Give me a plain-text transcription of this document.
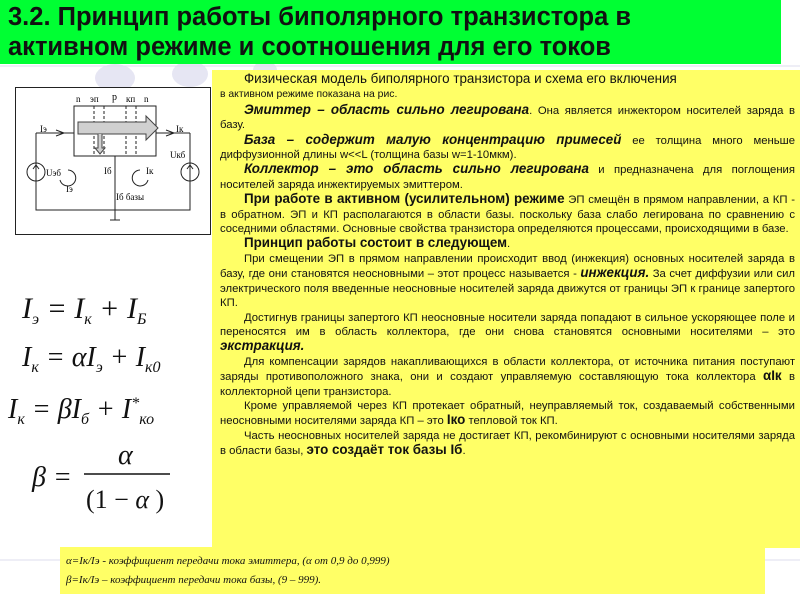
3.2. Принцип работы биполярного транзистора в
активном режиме и соотношения для его токов
n эп p кп n
Iэ	Iк
Uэб
Uкб
Iб	Iк
Iэ
Iб базы
$I_э = I_к + I_Б$
$I_к = \alpha I_э + I_{к0}$
$I_к = \beta I_б + I^*_{ко}$
β =
α
(1 − α )

Физическая модель биполярного транзистора и схема его включения
в активном режиме показана на рис.

Эмиттер – область сильно легирована. Она является инжектором носителей заряда в базу.

База – содержит малую концентрацию примесей ее толщина много меньше диффузионной длины w<<L (толщина базы w=1-10мкм).

Коллектор – это область сильно легирована и предназначена для поглощения носителей заряда инжектируемых эмиттером.

При работе в активном (усилительном) режиме ЭП смещён в прямом направлении, а КП - в обратном. ЭП и КП располагаются в области базы. поскольку база слабо легирована по сравнению с соседними областями. Основные свойства транзистора определяются процессами, происходящими в базе.

Принцип работы состоит в следующем.

При смещении ЭП в прямом направлении происходит ввод (инжекция) основных носителей заряда в базу, где они становятся неосновными – этот процесс называется - инжекция. За счет диффузии или сил электрического поля введенные неосновные носителей заряда движутся от границы ЭП к границе запертого КП.

Достигнув границы запертого КП неосновные носители заряда попадают в сильное ускоряющее поле и переносятся им в область коллектора, где они снова становятся основными носителями – это экстракция.

Для компенсации зарядов накапливающихся в области коллектора, от источника питания поступают заряды противоположного знака, они и создают управляемую составляющую тока коллектора αIк в коллекторной цепи транзистора.

Кроме управляемой через КП протекает обратный, неуправляемый ток, создаваемый собственными неосновными носителями заряда КП – это Iко тепловой ток КП.

Часть неосновных носителей заряда не достигает КП, рекомбинируют с основными носителями заряда в области базы, это создаёт ток базы Iб.

α=Iк/Iэ - коэффициент передачи тока эмиттера, (α от 0,9 до 0,999)
β=Iк/Iэ – коэффициент передачи тока базы, (9 – 999).
